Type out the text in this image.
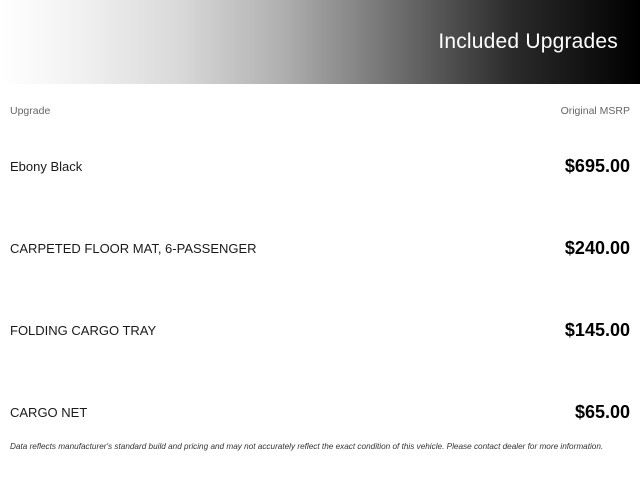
Included Upgrades
Upgrade	Original MSRP
Ebony Black	$695.00
CARPETED FLOOR MAT, 6-PASSENGER	$240.00
FOLDING CARGO TRAY	$145.00
CARGO NET	$65.00
Data reflects manufacturer's standard build and pricing and may not accurately reflect the exact condition of this vehicle. Please contact dealer for more information.
